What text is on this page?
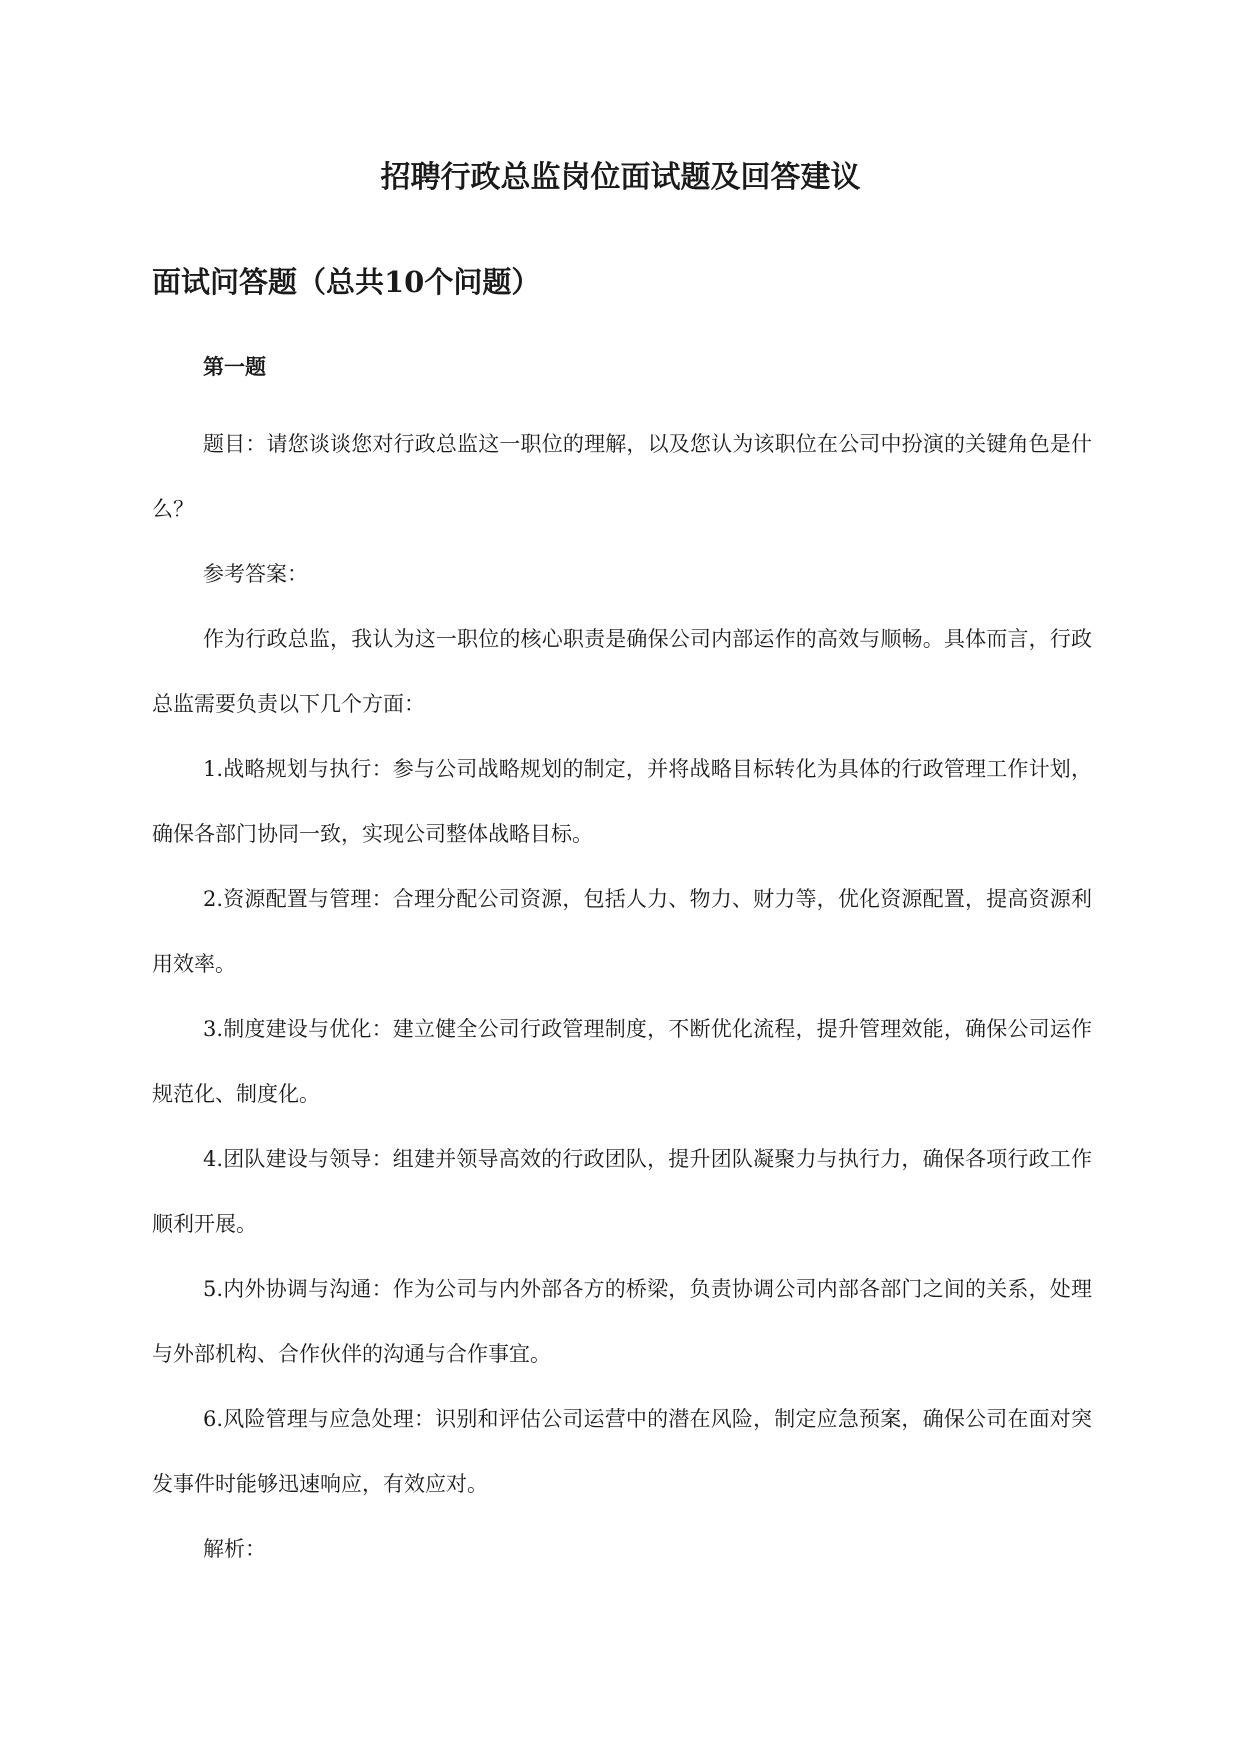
招聘行政总监岗位面试题及回答建议
面试问答题（总共10个问题）
第一题

题目：请您谈谈您对行政总监这一职位的理解，以及您认为该职位在公司中扮演的关键角色是什么？

参考答案：

作为行政总监，我认为这一职位的核心职责是确保公司内部运作的高效与顺畅。具体而言，行政总监需要负责以下几个方面：

1.战略规划与执行：参与公司战略规划的制定，并将战略目标转化为具体的行政管理工作计划，确保各部门协同一致，实现公司整体战略目标。

2.资源配置与管理：合理分配公司资源，包括人力、物力、财力等，优化资源配置，提高资源利用效率。

3.制度建设与优化：建立健全公司行政管理制度，不断优化流程，提升管理效能，确保公司运作规范化、制度化。

4.团队建设与领导：组建并领导高效的行政团队，提升团队凝聚力与执行力，确保各项行政工作顺利开展。

5.内外协调与沟通：作为公司与内外部各方的桥梁，负责协调公司内部各部门之间的关系，处理与外部机构、合作伙伴的沟通与合作事宜。

6.风险管理与应急处理：识别和评估公司运营中的潜在风险，制定应急预案，确保公司在面对突发事件时能够迅速响应，有效应对。

解析：
